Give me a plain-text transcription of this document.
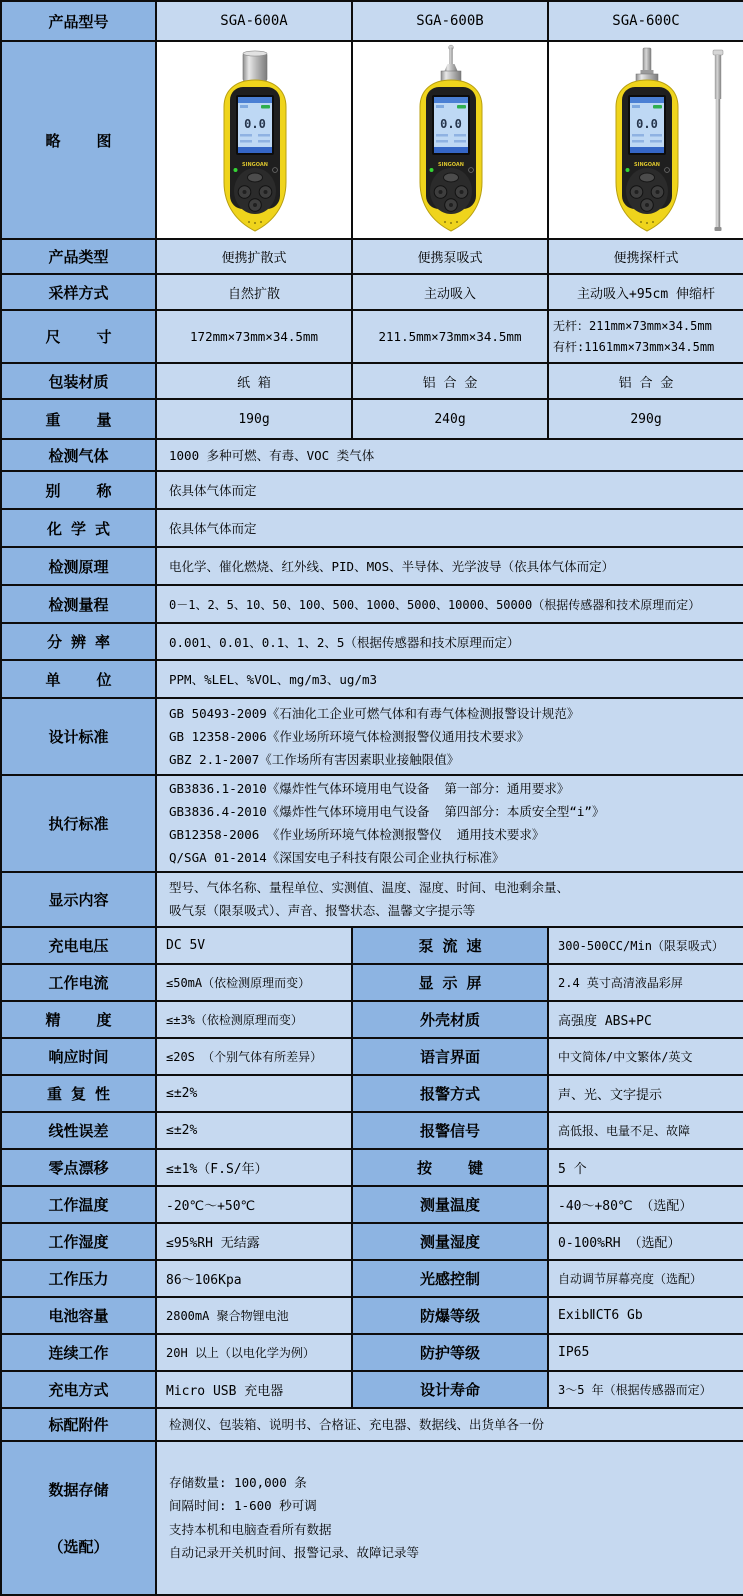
产品型号	SGA-600A	SGA-600B	SGA-600C
略    图	

产品类型	便携扩散式	便携泵吸式	便携探杆式
采样方式	自然扩散	主动吸入	主动吸入+95cm 伸缩杆
尺    寸	172mm×73mm×34.5mm	211.5mm×73mm×34.5mm	无杆：211mm×73mm×34.5mm
有杆:1161mm×73mm×34.5mm

包装材质	纸 箱	铝 合 金	铝 合 金
重    量	190g	240g	290g
检测气体	1000 多种可燃、有毒、VOC 类气体		
别    称	依具体气体而定		
化 学 式	依具体气体而定		
检测原理	电化学、催化燃烧、红外线、PID、MOS、半导体、光学波导（依具体气体而定）		
检测量程	0－1、2、5、10、50、100、500、1000、5000、10000、50000（根据传感器和技术原理而定）		
分 辨 率	0.001、0.01、0.1、1、2、5（根据传感器和技术原理而定）		
单    位	PPM、%LEL、%VOL、mg/m3、ug/m3		
设计标准	GB 50493-2009《石油化工企业可燃气体和有毒气体检测报警设计规范》
GB 12358-2006《作业场所环境气体检测报警仪通用技术要求》
GBZ 2.1-2007《工作场所有害因素职业接触限值》		

执行标准	GB3836.1-2010《爆炸性气体环境用电气设备  第一部分：通用要求》
GB3836.4-2010《爆炸性气体环境用电气设备  第四部分：本质安全型“i”》
GB12358-2006 《作业场所环境气体检测报警仪  通用技术要求》
Q/SGA 01-2014《深国安电子科技有限公司企业执行标准》		

显示内容	型号、气体名称、量程单位、实测值、温度、湿度、时间、电池剩余量、
吸气泵（限泵吸式）、声音、报警状态、温馨文字提示等		

充电电压	DC 5V	泵 流 速	300-500CC/Min（限泵吸式）
工作电流	≤50mA（依检测原理而变）	显 示 屏	2.4 英寸高清液晶彩屏
精    度	≤±3%（依检测原理而变）	外壳材质	高强度 ABS+PC
响应时间	≤20S （个别气体有所差异）	语言界面	中文简体/中文繁体/英文
重 复 性	≤±2%	报警方式	声、光、文字提示
线性误差	≤±2%	报警信号	高低报、电量不足、故障
零点漂移	≤±1%（F.S/年）	按    键	5 个
工作温度	-20℃～+50℃	测量温度	-40～+80℃ （选配）
工作湿度	≤95%RH 无结露	测量湿度	0-100%RH （选配）
工作压力	86～106Kpa	光感控制	自动调节屏幕亮度（选配）
电池容量	2800mA 聚合物锂电池	防爆等级	ExibⅡCT6 Gb
连续工作	20H 以上（以电化学为例）	防护等级	IP65
充电方式	Micro USB 充电器	设计寿命	3～5 年（根据传感器而定）
标配附件	检测仪、包装箱、说明书、合格证、充电器、数据线、出货单各一份		

数据存储

（选配）

存储数量: 100,000 条
间隔时间: 1-600 秒可调
支持本机和电脑查看所有数据
自动记录开关机时间、报警记录、故障记录等
